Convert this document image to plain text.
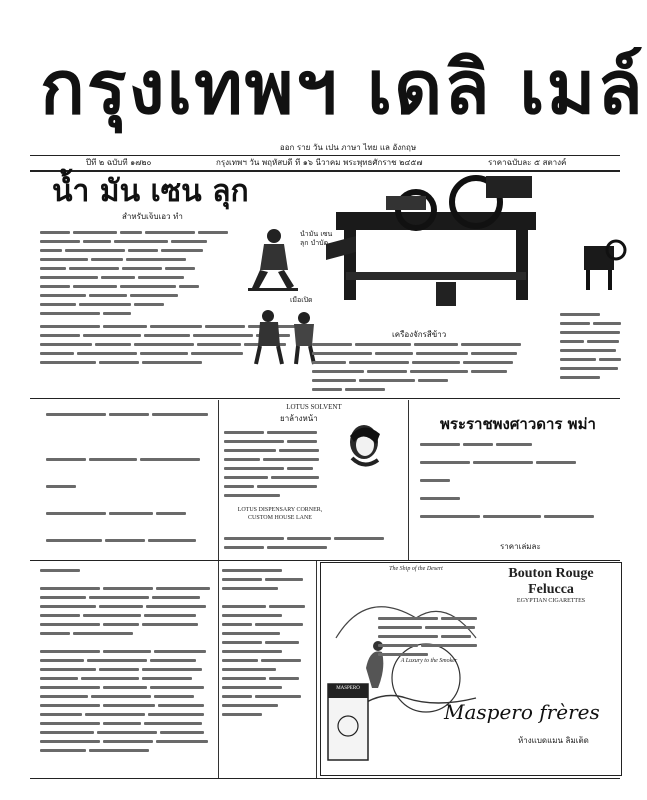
กรุงเทพฯ เดลิ เมล์
ออก ราย วัน เปน ภาษา ไทย แล อังกฤษ
ปีที่ ๒ ฉบับที่ ๑๗๒๐	กรุงเทพฯ วัน พฤหัสบดี ที่ ๑๖ นีวาคม พระพุทธศักราช ๒๔๕๗	ราคาฉบับละ ๕ สตางค์
น้ำ มัน เซน ลุก
สำหรับเจ็บเอว ทำ
น้ำมัน เซน ลุก บำบัด
เมื่อเปิด
เครื่องจักรสีข้าว
LOTUS SOLVENT
ยาล้างหน้า
LOTUS DISPENSARY CORNER, CUSTOM HOUSE LANE
พระราชพงศาวดาร พม่า
ราคาเล่มละ
The Ship of the Desert	Bouton Rouge
Felucca
EGYPTIAN CIGARETTES
A Luxury to the Smoker
MASPERO
ห้างแบดแมน ลิมเต็ด
Maspero frères
